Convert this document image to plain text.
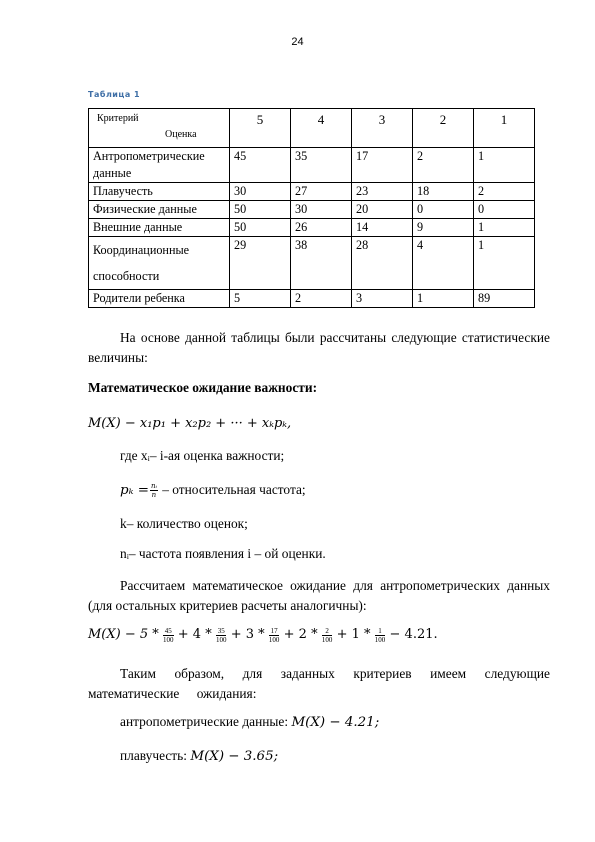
24
Таблица 1
Критерий
Оценка	5	4	3	2	1
Антропометрические данные	45	35	17	2	1
Плавучесть	30	27	23	18	2
Физические данные	50	30	20	0	0
Внешние данные	50	26	14	9	1
Координационные способности	29	38	28	4	1
Родители ребенка	5	2	3	1	89
На основе данной таблицы были рассчитаны следующие статистические величины:
Математическое ожидание важности:
M(X) − x₁p₁ + x₂p₂ + ··· + xₖpₖ,
где xᵢ– i-ая оценка важности;
$p_k = \frac{\text{nᵢ}}{n}$ – относительная частота;
k– количество оценок;
nᵢ– частота появления i – ой оценки.
Рассчитаем математическое ожидание для антропометрических данных (для остальных критериев расчеты аналогичны):
$M(X) - 5 * \frac{45}{100} + 4 * \frac{35}{100} + 3 * \frac{17}{100} + 2 * \frac{2}{100} + 1 * \frac{1}{100} - 4.21$.
Таким образом, для заданных критериев имеем следующие математические ожидания:
антропометрические данные: M(X) − 4.21;
плавучесть: M(X) − 3.65;
